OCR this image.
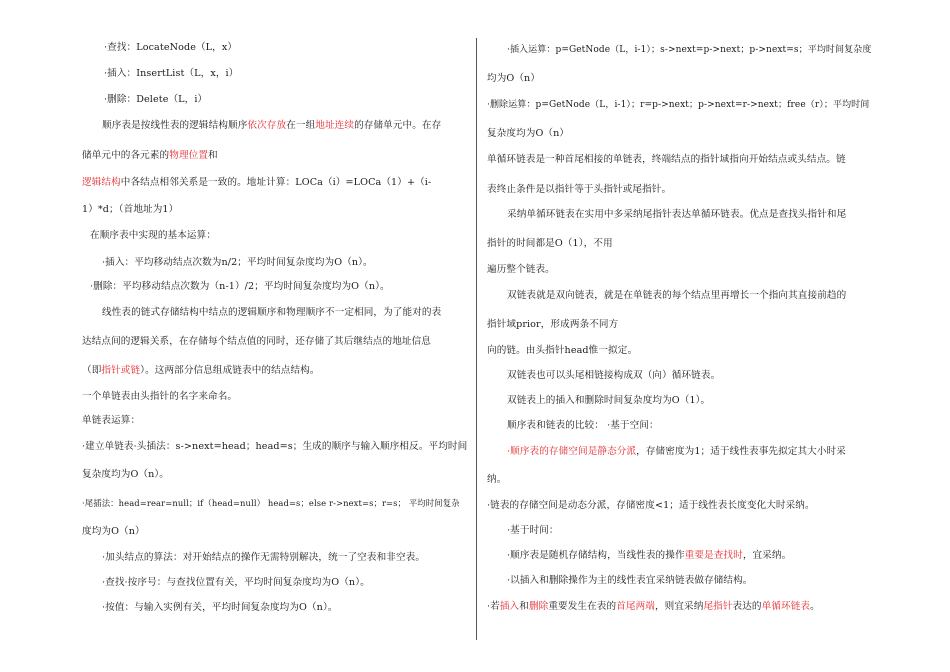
·查找：LocateNode（L，x）
·插入：InsertList（L，x，i）
·删除：Delete（L，i）
顺序表是按线性表的逻辑结构顺序依次存放在一组地址连续的存储单元中。在存
储单元中的各元素的物理位置和
逻辑结构中各结点相邻关系是一致的。地址计算：LOCa（i）=LOCa（1）+（i-
1）*d；（首地址为1）
在顺序表中实现的基本运算：
·插入：平均移动结点次数为n/2；平均时间复杂度均为O（n）。
·删除：平均移动结点次数为（n-1）/2；平均时间复杂度均为O（n）。
线性表的链式存储结构中结点的逻辑顺序和物理顺序不一定相同，为了能对的表
达结点间的逻辑关系，在存储每个结点值的同时，还存储了其后继结点的地址信息
（即指针或链）。这两部分信息组成链表中的结点结构。
一个单链表由头指针的名字来命名。
单链表运算：
·建立单链表·头插法：s->next=head；head=s；生成的顺序与输入顺序相反。平均时间
复杂度均为O（n）。
·尾插法：head=rear=null；if（head=null） head=s；else r->next=s；r=s； 平均时间复杂
度均为O（n）
·加头结点的算法：对开始结点的操作无需特别解决，统一了空表和非空表。
·查找·按序号：与查找位置有关，平均时间复杂度均为O（n）。
·按值：与输入实例有关，平均时间复杂度均为O（n）。
·插入运算：p=GetNode（L，i-1）；s->next=p->next；p->next=s；平均时间复杂度
均为O（n）
·删除运算：p=GetNode（L，i-1）；r=p->next；p->next=r->next；free（r）；平均时间
复杂度均为O（n）
单循环链表是一种首尾相接的单链表，终端结点的指针域指向开始结点或头结点。链
表终止条件是以指针等于头指针或尾指针。
采纳单循环链表在实用中多采纳尾指针表达单循环链表。优点是查找头指针和尾
指针的时间都是O（1），不用
遍历整个链表。
双链表就是双向链表，就是在单链表的每个结点里再增长一个指向其直接前趋的
指针域prior，形成两条不同方
向的链。由头指针head惟一拟定。
双链表也可以头尾相链接构成双（向）循环链表。
双链表上的插入和删除时间复杂度均为O（1）。
顺序表和链表的比较： ·基于空间：
·顺序表的存储空间是静态分派，存储密度为1；适于线性表事先拟定其大小时采
纳。
·链表的存储空间是动态分派，存储密度<1；适于线性表长度变化大时采纳。
·基于时间：
·顺序表是随机存储结构，当线性表的操作重要是查找时，宜采纳。
·以插入和删除操作为主的线性表宜采纳链表做存储结构。
·若插入和删除重要发生在表的首尾两端，则宜采纳尾指针表达的单循环链表。
